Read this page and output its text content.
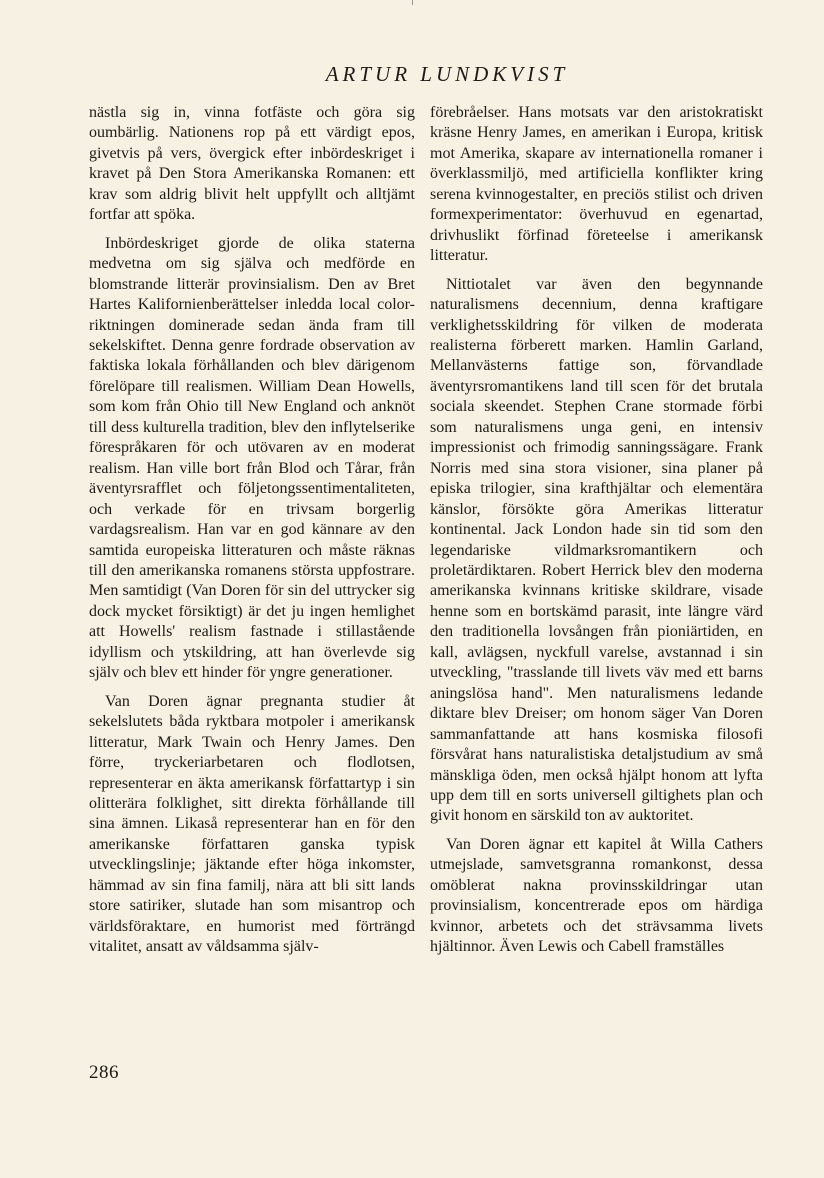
ARTUR LUNDKVIST

nästla sig in, vinna fotfäste och göra sig oumbärlig. Nationens rop på ett värdigt epos, givetvis på vers, övergick efter inbördeskriget i kravet på Den Stora Amerikanska Romanen: ett krav som aldrig blivit helt uppfyllt och alltjämt fortfar att spöka.

Inbördeskriget gjorde de olika staterna medvetna om sig själva och medförde en blomstrande litterär provinsialism. Den av Bret Hartes Kalifornienberättelser inledda local color-riktningen dominerade sedan ända fram till sekelskiftet. Denna genre fordrade observation av faktiska lokala förhållanden och blev därigenom förelöpare till realismen. William Dean Howells, som kom från Ohio till New England och anknöt till dess kulturella tradition, blev den inflytelserike förespråkaren för och utövaren av en moderat realism. Han ville bort från Blod och Tårar, från äventyrsrafflet och följetongssentimentaliteten, och verkade för en trivsam borgerlig vardagsrealism. Han var en god kännare av den samtida europeiska litteraturen och måste räknas till den amerikanska romanens största uppfostrare. Men samtidigt (Van Doren för sin del uttrycker sig dock mycket försiktigt) är det ju ingen hemlighet att Howells' realism fastnade i stillastående idyllism och ytskildring, att han överlevde sig själv och blev ett hinder för yngre generationer.

Van Doren ägnar pregnanta studier åt sekelslutets båda ryktbara motpoler i amerikansk litteratur, Mark Twain och Henry James. Den förre, tryckeriarbetaren och flodlotsen, representerar en äkta amerikansk författartyp i sin olitterära folklighet, sitt direkta förhållande till sina ämnen. Likaså representerar han en för den amerikanske författaren ganska typisk utvecklingslinje; jäktande efter höga inkomster, hämmad av sin fina familj, nära att bli sitt lands store satiriker, slutade han som misantrop och världsföraktare, en humorist med förträngd vitalitet, ansatt av våldsamma själv-

förebråelser. Hans motsats var den aristokratiskt kräsne Henry James, en amerikan i Europa, kritisk mot Amerika, skapare av internationella romaner i överklassmiljö, med artificiella konflikter kring serena kvinnogestalter, en preciös stilist och driven formexperimentator: överhuvud en egenartad, drivhuslikt förfinad företeelse i amerikansk litteratur.

Nittiotalet var även den begynnande naturalismens decennium, denna kraftigare verklighetsskildring för vilken de moderata realisterna förberett marken. Hamlin Garland, Mellanvästerns fattige son, förvandlade äventyrsromantikens land till scen för det brutala sociala skeendet. Stephen Crane stormade förbi som naturalismens unga geni, en intensiv impressionist och frimodig sanningssägare. Frank Norris med sina stora visioner, sina planer på episka trilogier, sina krafthjältar och elementära känslor, försökte göra Amerikas litteratur kontinental. Jack London hade sin tid som den legendariske vildmarksromantikern och proletärdiktaren. Robert Herrick blev den moderna amerikanska kvinnans kritiske skildrare, visade henne som en bortskämd parasit, inte längre värd den traditionella lovsången från pioniärtiden, en kall, avlägsen, nyckfull varelse, avstannad i sin utveckling, "trasslande till livets väv med ett barns aningslösa hand". Men naturalismens ledande diktare blev Dreiser; om honom säger Van Doren sammanfattande att hans kosmiska filosofi försvårat hans naturalistiska detaljstudium av små mänskliga öden, men också hjälpt honom att lyfta upp dem till en sorts universell giltighets plan och givit honom en särskild ton av auktoritet.

Van Doren ägnar ett kapitel åt Willa Cathers utmejslade, samvetsgranna romankonst, dessa omöblerat nakna provinsskildringar utan provinsialism, koncentrerade epos om härdiga kvinnor, arbetets och det strävsamma livets hjältinnor. Även Lewis och Cabell framställes

286
